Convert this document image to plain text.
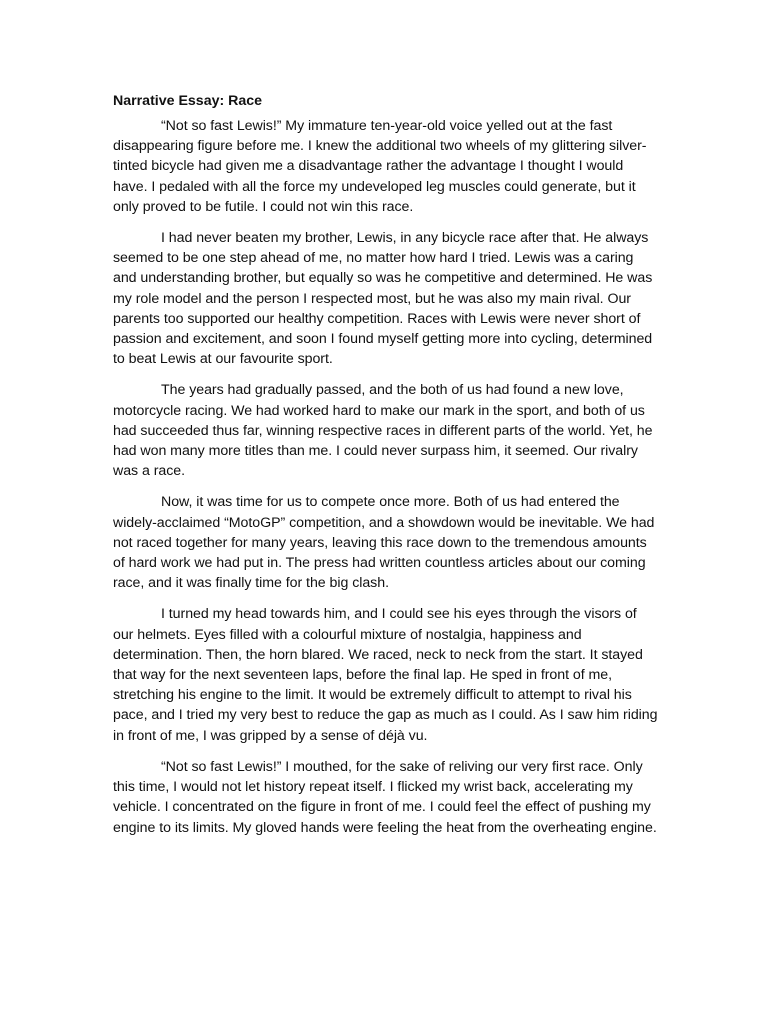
Narrative Essay: Race

“Not so fast Lewis!” My immature ten-year-old voice yelled out at the fast disappearing figure before me. I knew the additional two wheels of my glittering silver-tinted bicycle had given me a disadvantage rather the advantage I thought I would have. I pedaled with all the force my undeveloped leg muscles could generate, but it only proved to be futile. I could not win this race.

I had never beaten my brother, Lewis, in any bicycle race after that. He always seemed to be one step ahead of me, no matter how hard I tried. Lewis was a caring and understanding brother, but equally so was he competitive and determined. He was my role model and the person I respected most, but he was also my main rival. Our parents too supported our healthy competition. Races with Lewis were never short of passion and excitement, and soon I found myself getting more into cycling, determined to beat Lewis at our favourite sport.

The years had gradually passed, and the both of us had found a new love, motorcycle racing. We had worked hard to make our mark in the sport, and both of us had succeeded thus far, winning respective races in different parts of the world. Yet, he had won many more titles than me. I could never surpass him, it seemed. Our rivalry was a race.

Now, it was time for us to compete once more. Both of us had entered the widely-acclaimed “MotoGP” competition, and a showdown would be inevitable. We had not raced together for many years, leaving this race down to the tremendous amounts of hard work we had put in. The press had written countless articles about our coming race, and it was finally time for the big clash.

I turned my head towards him, and I could see his eyes through the visors of our helmets. Eyes filled with a colourful mixture of nostalgia, happiness and determination. Then, the horn blared. We raced, neck to neck from the start. It stayed that way for the next seventeen laps, before the final lap. He sped in front of me, stretching his engine to the limit. It would be extremely difficult to attempt to rival his pace, and I tried my very best to reduce the gap as much as I could. As I saw him riding in front of me, I was gripped by a sense of déjà vu.

“Not so fast Lewis!” I mouthed, for the sake of reliving our very first race. Only this time, I would not let history repeat itself. I flicked my wrist back, accelerating my vehicle. I concentrated on the figure in front of me. I could feel the effect of pushing my engine to its limits. My gloved hands were feeling the heat from the overheating engine.
